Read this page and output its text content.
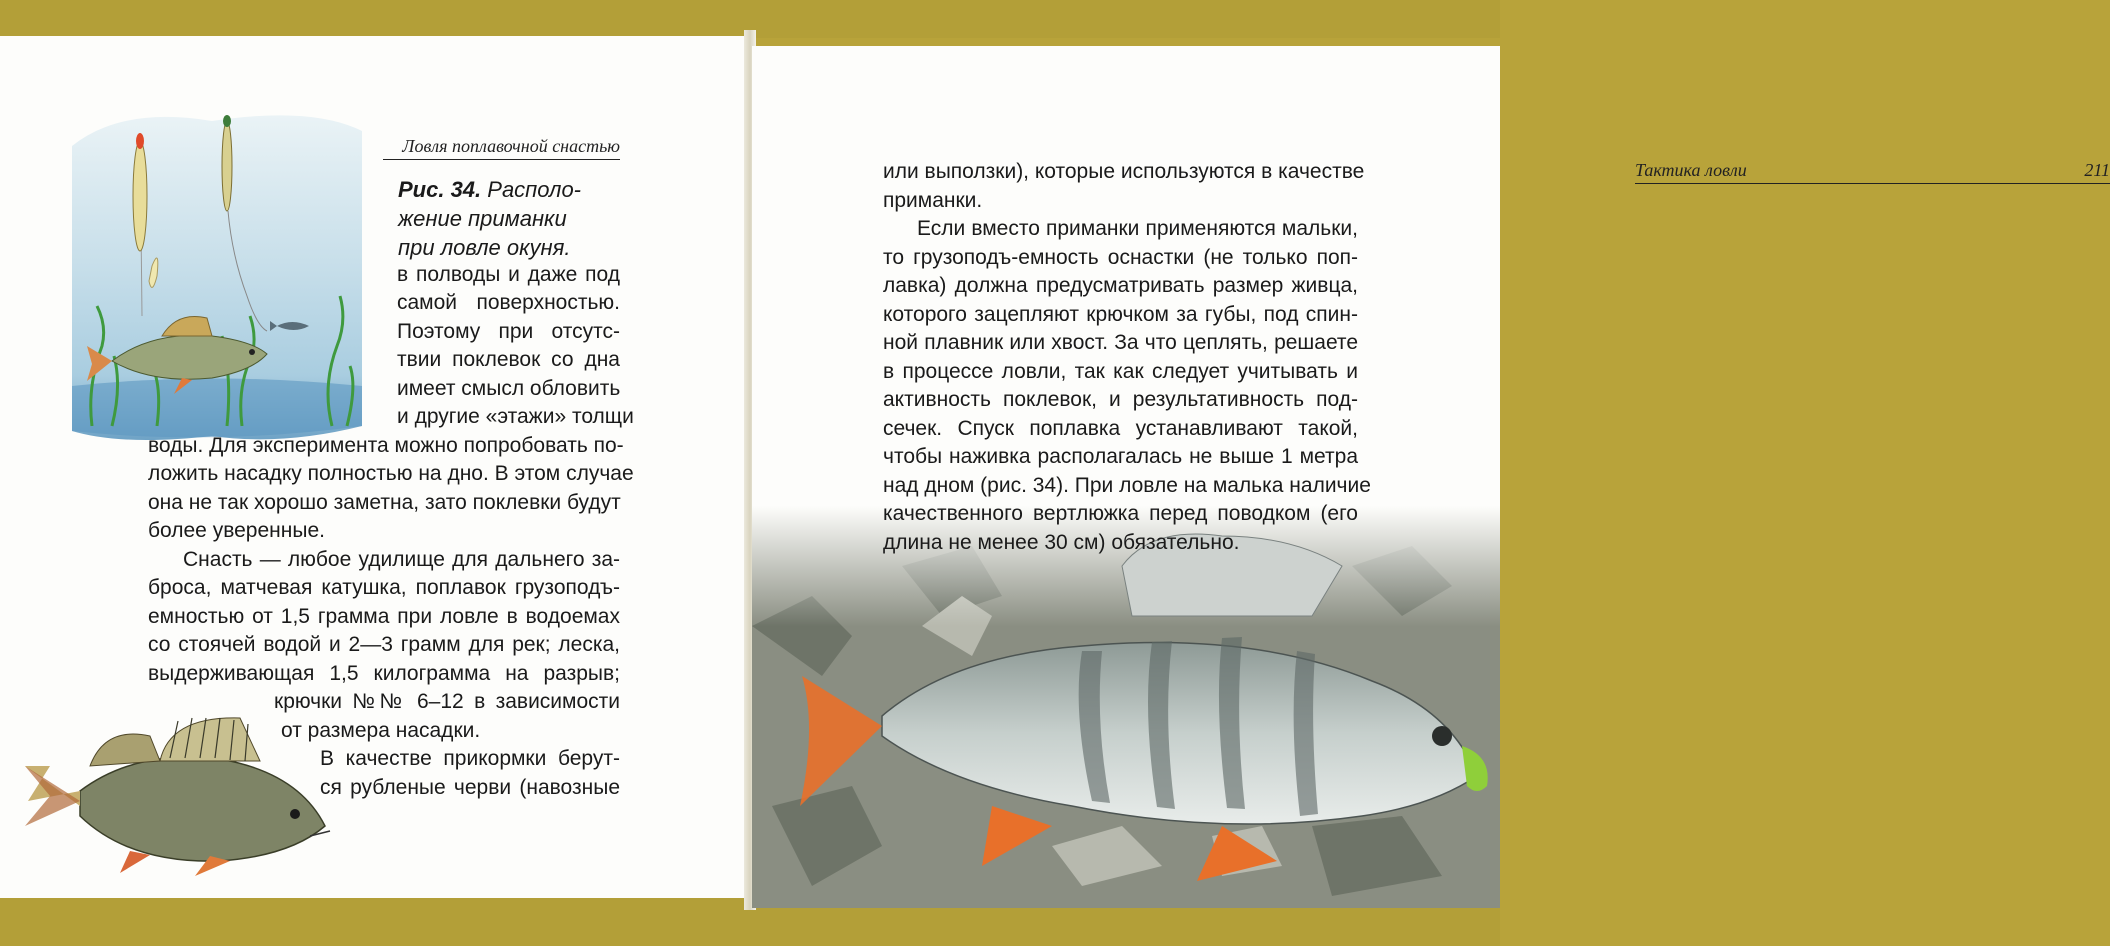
Ловля поплавочной снастью
Рис. 34. Располо-
жение приманки
при ловле окуня.
в полводы и даже под
самой поверхностью.
Поэтому при отсутс-
твии поклевок со дна
имеет смысл обловить
и другие «этажи» толщи
воды. Для эксперимента можно попробовать по-
ложить насадку полностью на дно. В этом случае
она не так хорошо заметна, зато поклевки будут
более уверенные.
Снасть — любое удилище для дальнего за-
броса, матчевая катушка, поплавок грузоподъ-
емностью от 1,5 грамма при ловле в водоемах
со стоячей водой и 2—3 грамм для рек; леска,
выдерживающая 1,5 килограмма на разрыв;
крючки №№ 6–12 в зависимости
от размера насадки.
В качестве прикормки берут-
ся рубленые черви (навозные
Тактика ловли	211
или выползки), которые используются в качестве
приманки.
Если вместо приманки применяются мальки,
то грузоподъ-емность оснастки (не только поп-
лавка) должна предусматривать размер живца,
которого зацепляют крючком за губы, под спин-
ной плавник или хвост. За что цеплять, решаете
в процессе ловли, так как следует учитывать и
активность поклевок, и результативность под-
сечек. Спуск поплавка устанавливают такой,
чтобы наживка располагалась не выше 1 метра
над дном (рис. 34). При ловле на малька наличие
качественного вертлюжка перед поводком (его
длина не менее 30 см) обязательно.
